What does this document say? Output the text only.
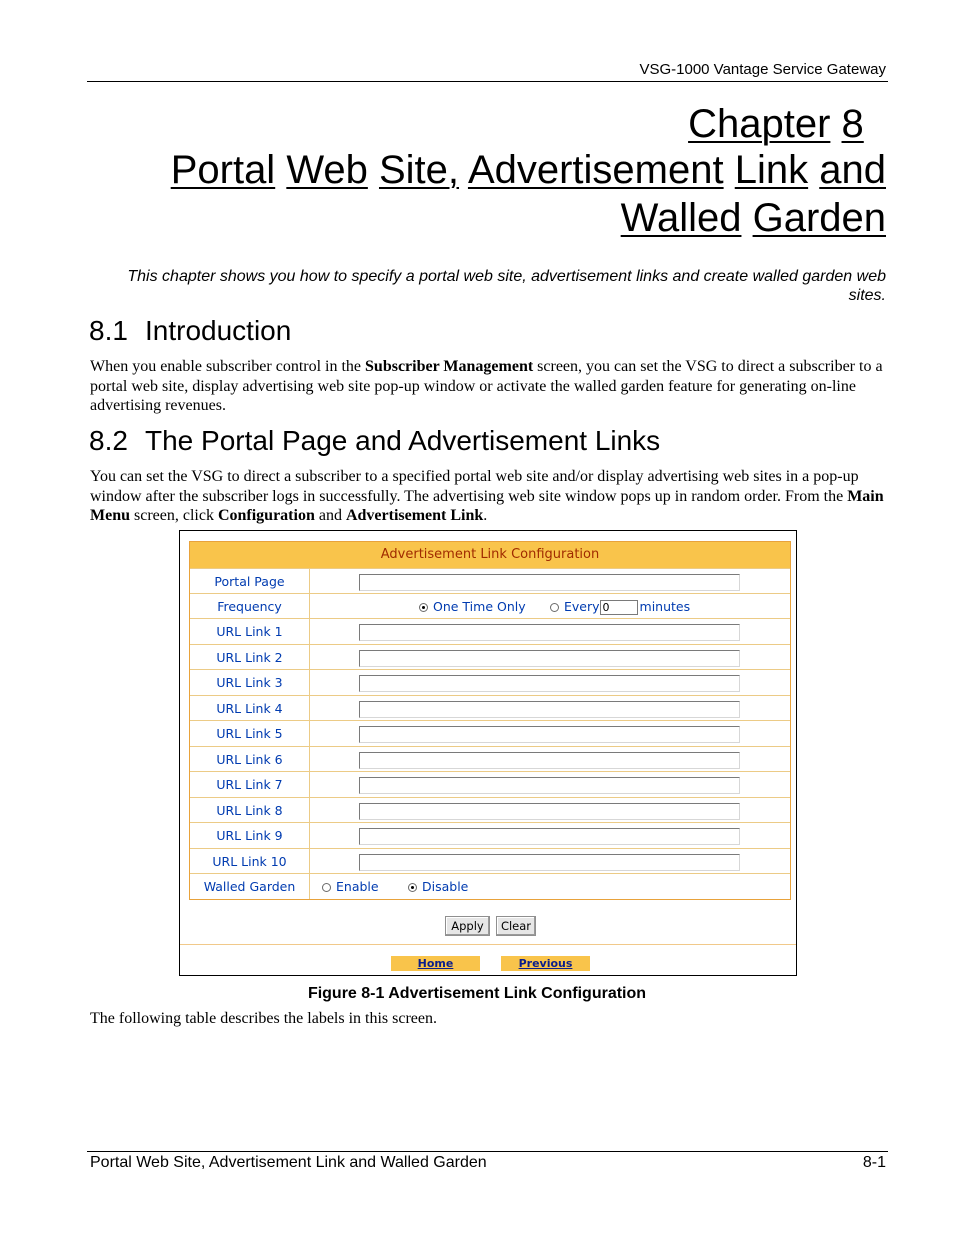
VSG-1000 Vantage Service Gateway
Chapter 8
Portal Web Site, Advertisement Link and
Walled Garden
This chapter shows you how to specify a portal web site, advertisement links and create walled garden web sites.
8.1 Introduction
When you enable subscriber control in the Subscriber Management screen, you can set the VSG to direct a subscriber to a portal web site, display advertising web site pop-up window or activate the walled garden feature for generating on-line advertising revenues.
8.2 The Portal Page and Advertisement Links
You can set the VSG to direct a subscriber to a specified portal web site and/or display advertising web sites in a pop-up window after the subscriber logs in successfully. The advertising web site window pops up in random order. From the Main Menu screen, click Configuration and Advertisement Link.
Advertisement Link Configuration
Portal Page
Frequency	One Time Only	Every 0 minutes
URL Link 1
URL Link 2
URL Link 3
URL Link 4
URL Link 5
URL Link 6
URL Link 7
URL Link 8
URL Link 9
URL Link 10
Walled Garden	Enable	Disable
Apply	Clear
Home	Previous
Figure 8-1 Advertisement Link Configuration
The following table describes the labels in this screen.
Portal Web Site, Advertisement Link and Walled Garden	8-1
